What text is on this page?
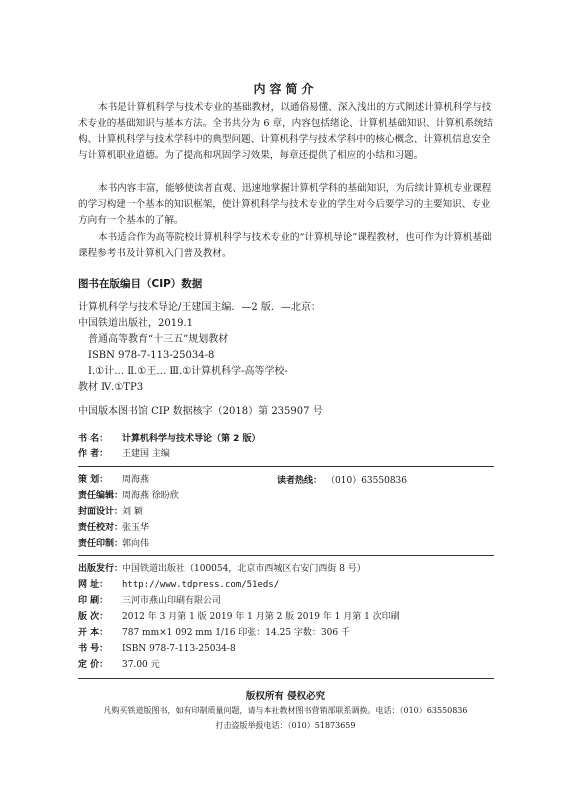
内容简介
本书是计算机科学与技术专业的基础教材，以通俗易懂、深入浅出的方式阐述计算机科学与技术专业的基础知识与基本方法。全书共分为 6 章，内容包括绪论、计算机基础知识、计算机系统结构、计算机科学与技术学科中的典型问题、计算机科学与技术学科中的核心概念、计算机信息安全与计算机职业道德。为了提高和巩固学习效果，每章还提供了相应的小结和习题。
本书内容丰富，能够使读者直观、迅速地掌握计算机学科的基础知识，为后续计算机专业课程的学习构建一个基本的知识框架，使计算机科学与技术专业的学生对今后要学习的主要知识、专业方向有一个基本的了解。
本书适合作为高等院校计算机科学与技术专业的“计算机导论”课程教材，也可作为计算机基础课程参考书及计算机入门普及教材。
图书在版编目（CIP）数据
计算机科学与技术导论/王建国主编．—2 版．—北京：
中国铁道出版社，2019.1
普通高等教育“十三五”规划教材
ISBN 978-7-113-25034-8
Ⅰ.①计… Ⅱ.①王… Ⅲ.①计算机科学-高等学校-
教材 Ⅳ.①TP3
中国版本图书馆 CIP 数据核字（2018）第 235907 号
书 名： 计算机科学与技术导论（第 2 版）
作 者： 王建国 主编
策 划： 周海燕	读者热线： （010）63550836
责任编辑：周海燕 徐盼欣
封面设计：刘 颖
责任校对：张玉华
责任印制：郭向伟
出版发行：中国铁道出版社（100054，北京市西城区右安门西街 8 号）
网 址： http://www.tdpress.com/51eds/
印 刷： 三河市燕山印刷有限公司
版 次： 2012 年 3 月第 1 版 2019 年 1 月第 2 版 2019 年 1 月第 1 次印刷
开 本： 787 mm×1 092 mm 1/16 印张：14.25 字数：306 千
书 号： ISBN 978-7-113-25034-8
定 价： 37.00 元
版权所有 侵权必究
凡购买铁道版图书，如有印制质量问题，请与本社教材图书营销部联系调换。电话：（010）63550836
打击盗版举报电话：（010）51873659
